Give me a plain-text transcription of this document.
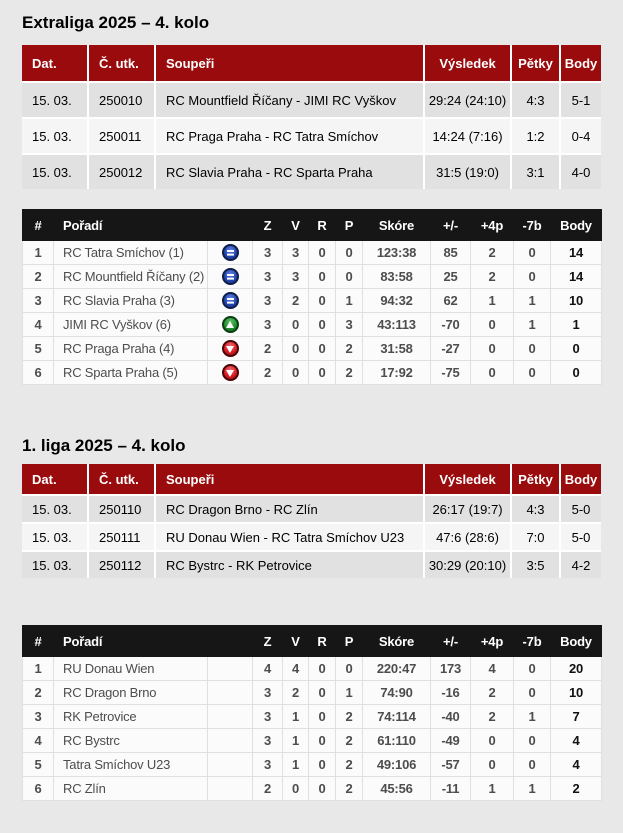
Extraliga 2025 – 4. kolo
Dat.	Č. utk.	Soupeři	Výsledek	Pětky	Body
15. 03.	250010	RC Mountfield Říčany - JIMI RC Vyškov	29:24 (24:10)	4:3	5-1
15. 03.	250011	RC Praga Praha - RC Tatra Smíchov	14:24 (7:16)	1:2	0-4
15. 03.	250012	RC Slavia Praha - RC Sparta Praha	31:5 (19:0)	3:1	4-0
#	Pořadí		Z	V	R	P	Skóre	+/-	+4p	-7b	Body
1	RC Tatra Smíchov (1)		3	3	0	0	123:38	85	2	0	14
2	RC Mountfield Říčany (2)		3	3	0	0	83:58	25	2	0	14
3	RC Slavia Praha (3)		3	2	0	1	94:32	62	1	1	10
4	JIMI RC Vyškov (6)		3	0	0	3	43:113	-70	0	1	1
5	RC Praga Praha (4)		2	0	0	2	31:58	-27	0	0	0
6	RC Sparta Praha (5)		2	0	0	2	17:92	-75	0	0	0
1. liga 2025 – 4. kolo
Dat.	Č. utk.	Soupeři	Výsledek	Pětky	Body
15. 03.	250110	RC Dragon Brno - RC Zlín	26:17 (19:7)	4:3	5-0
15. 03.	250111	RU Donau Wien - RC Tatra Smíchov U23	47:6 (28:6)	7:0	5-0
15. 03.	250112	RC Bystrc - RK Petrovice	30:29 (20:10)	3:5	4-2
#	Pořadí		Z	V	R	P	Skóre	+/-	+4p	-7b	Body
1	RU Donau Wien		4	4	0	0	220:47	173	4	0	20
2	RC Dragon Brno		3	2	0	1	74:90	-16	2	0	10
3	RK Petrovice		3	1	0	2	74:114	-40	2	1	7
4	RC Bystrc		3	1	0	2	61:110	-49	0	0	4
5	Tatra Smíchov U23		3	1	0	2	49:106	-57	0	0	4
6	RC Zlín		2	0	0	2	45:56	-11	1	1	2
